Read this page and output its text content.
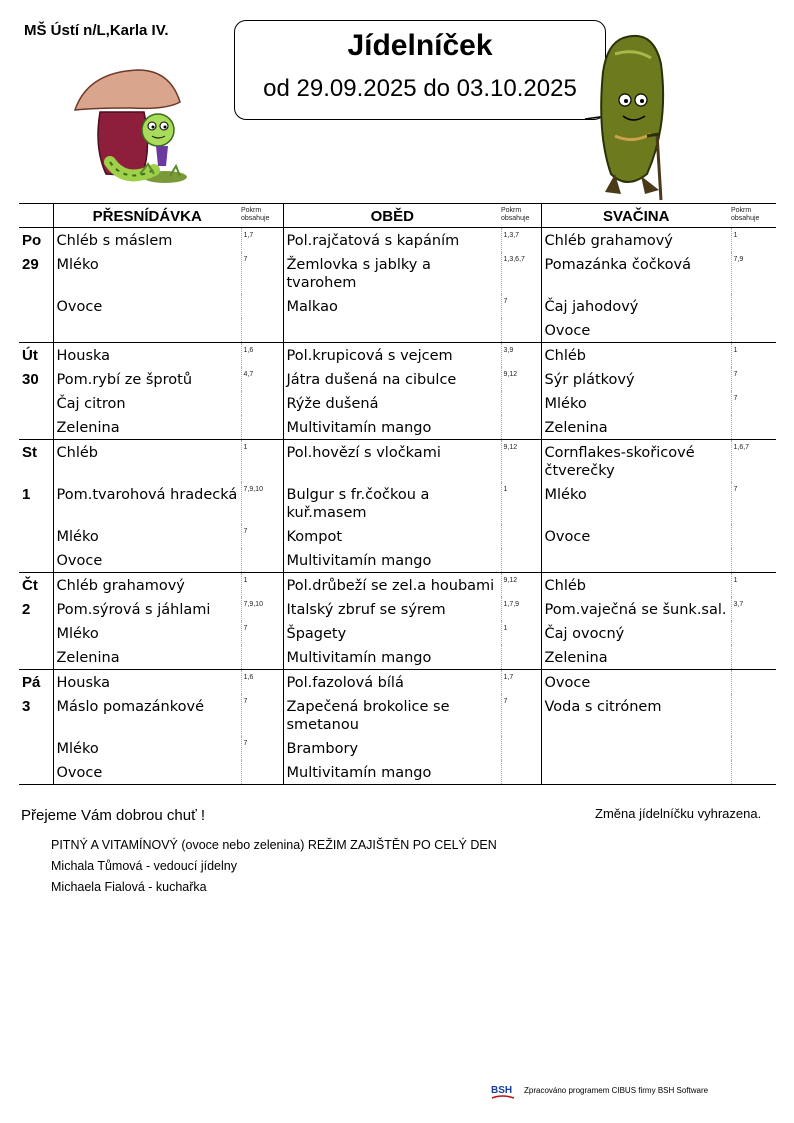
MŠ Ústí n/L,Karla IV.	Jídelníček
od 29.09.2025 do 03.10.2025
	PŘESNÍDÁVKA	Pokrm obsahuje	OBĚD	Pokrm obsahuje	SVAČINA	Pokrm obsahuje
Po	Chléb s máslem	1,7	Pol.rajčatová s kapáním	1,3,7	Chléb grahamový	1
29	Mléko	7	Žemlovka s jablky a tvarohem	1,3,6,7	Pomazánka čočková	7,9
	Ovoce		Malkao	7	Čaj jahodový	
					Ovoce	
Út	Houska	1,6	Pol.krupicová s vejcem	3,9	Chléb	1
30	Pom.rybí ze šprotů	4,7	Játra dušená na cibulce	9,12	Sýr plátkový	7
	Čaj citron		Rýže dušená		Mléko	7
	Zelenina		Multivitamín mango		Zelenina	
St	Chléb	1	Pol.hovězí s vločkami	9,12	Cornflakes-skořicové čtverečky	1,6,7
1	Pom.tvarohová hradecká	7,9,10	Bulgur s fr.čočkou a kuř.masem	1	Mléko	7
	Mléko	7	Kompot		Ovoce	
	Ovoce		Multivitamín mango			
Čt	Chléb grahamový	1	Pol.drůbeží se zel.a houbami	9,12	Chléb	1
2	Pom.sýrová s jáhlami	7,9,10	Italský zbruf se sýrem	1,7,9	Pom.vaječná se šunk.sal.	3,7
	Mléko	7	Špagety	1	Čaj ovocný	
	Zelenina		Multivitamín mango		Zelenina	
Pá	Houska	1,6	Pol.fazolová bílá	1,7	Ovoce	
3	Máslo pomazánkové	7	Zapečená brokolice se smetanou	7	Voda s citrónem	
	Mléko	7	Brambory			
	Ovoce		Multivitamín mango			
Přejeme Vám dobrou chuť !	Změna jídelníčku vyhrazena.
PITNÝ A VITAMÍNOVÝ (ovoce nebo zelenina) REŽIM ZAJIŠTĚN PO CELÝ DEN
Michala Tůmová - vedoucí jídelny
Michaela Fialová - kuchařka
BSH Zpracováno programem CIBUS firmy BSH Software
